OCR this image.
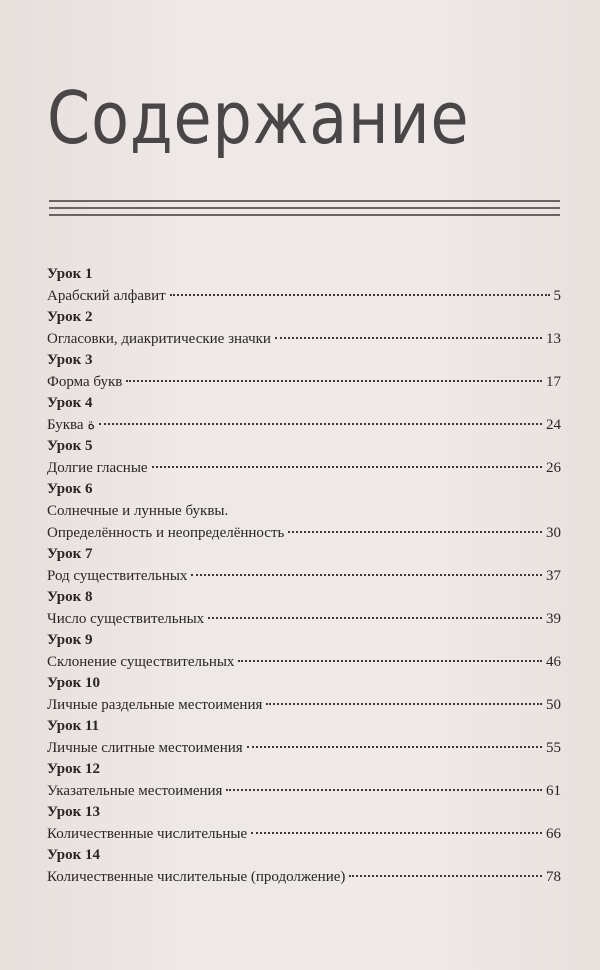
Содержание
Урок 1
Арабский алфавит	5
Урок 2
Огласовки, диакритические значки	13
Урок 3
Форма букв	17
Урок 4
Буква ة	24
Урок 5
Долгие гласные	26
Урок 6
Солнечные и лунные буквы.
Определённость и неопределённость	30
Урок 7
Род существительных	37
Урок 8
Число существительных	39
Урок 9
Склонение существительных	46
Урок 10
Личные раздельные местоимения	50
Урок 11
Личные слитные местоимения	55
Урок 12
Указательные местоимения	61
Урок 13
Количественные числительные	66
Урок 14
Количественные числительные (продолжение)	78
